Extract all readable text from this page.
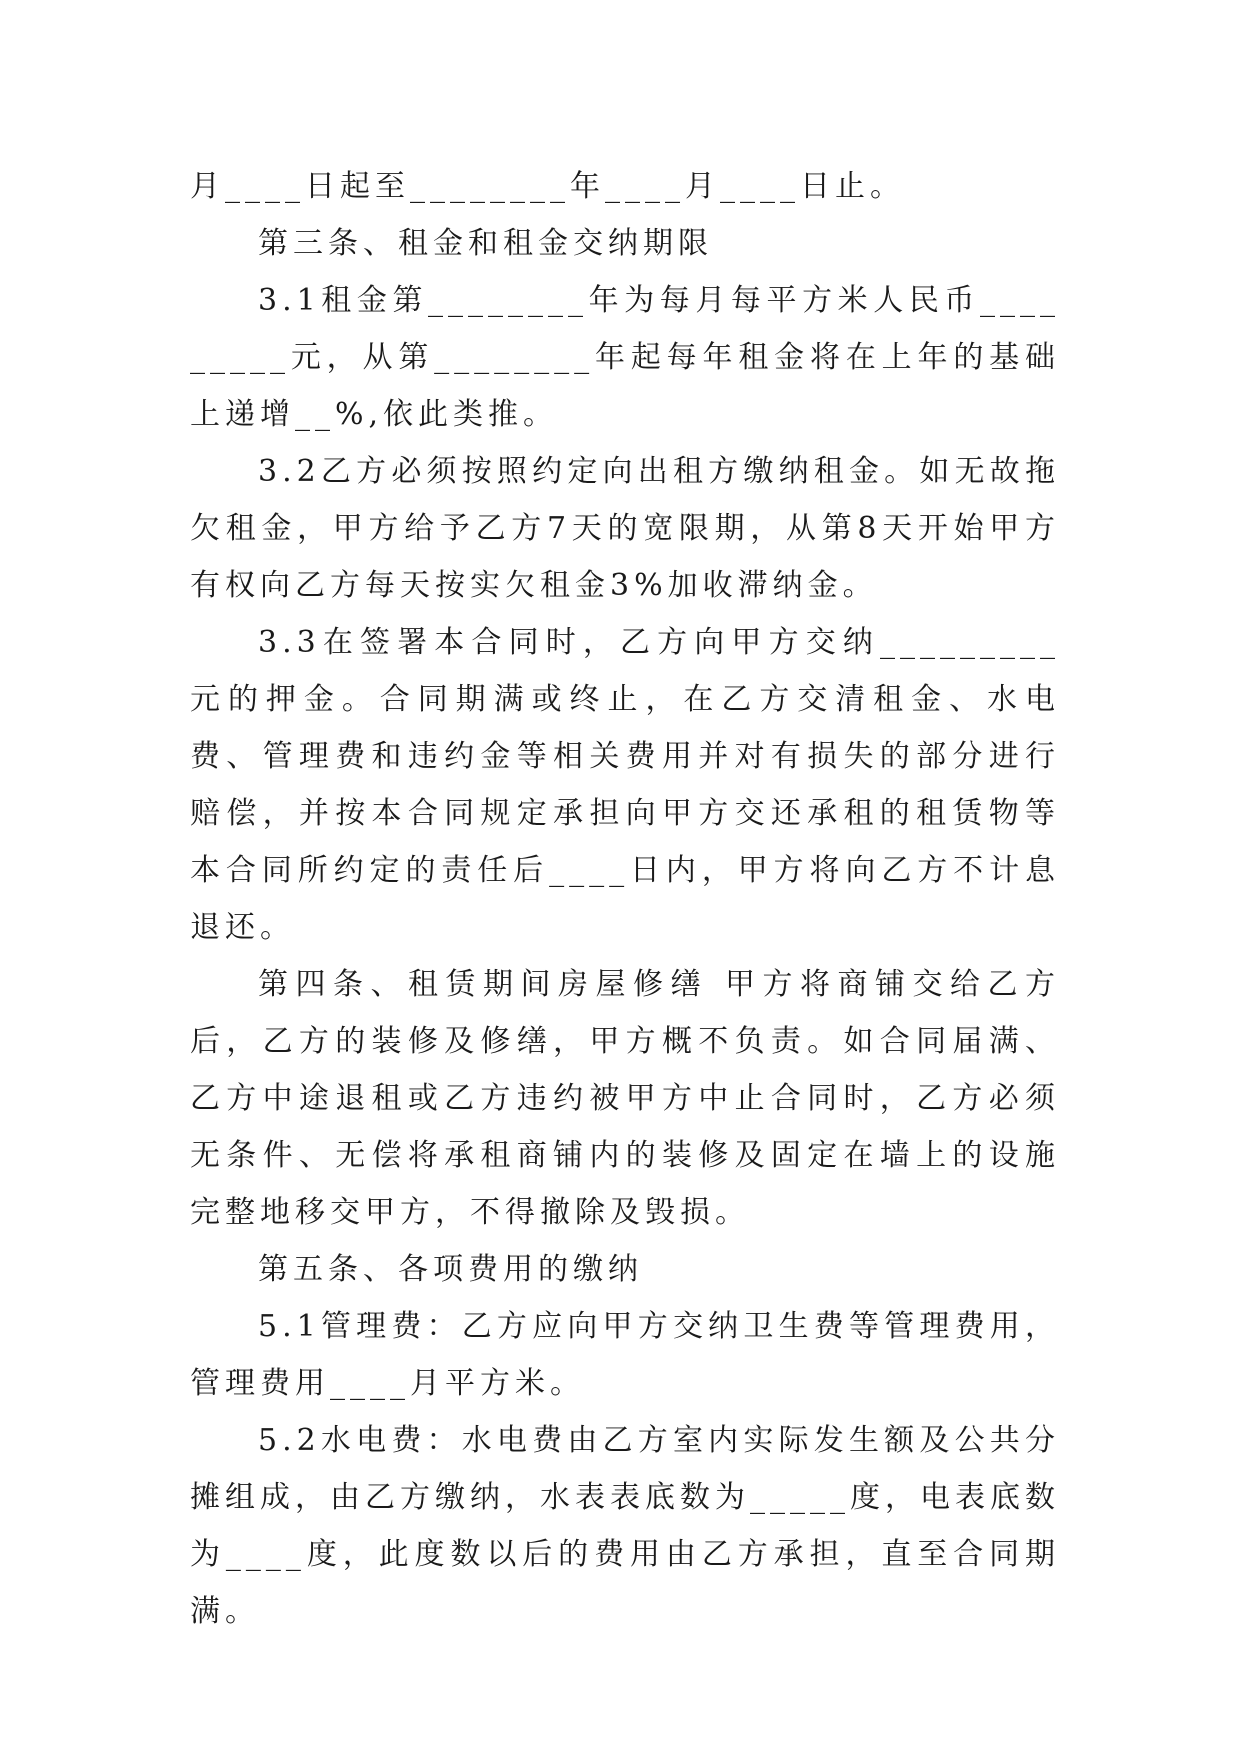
月____日起至________年____月____日止。

第三条、租金和租金交纳期限

3.1租金第________年为每月每平方米人民币_________元，从第________年起每年租金将在上年的基础上递增__%,依此类推。

3.2乙方必须按照约定向出租方缴纳租金。如无故拖欠租金，甲方给予乙方7天的宽限期，从第8天开始甲方有权向乙方每天按实欠租金3%加收滞纳金。

3.3在签署本合同时，乙方向甲方交纳_________元的押金。合同期满或终止，在乙方交清租金、水电费、管理费和违约金等相关费用并对有损失的部分进行赔偿，并按本合同规定承担向甲方交还承租的租赁物等本合同所约定的责任后____日内，甲方将向乙方不计息退还。

第四条、租赁期间房屋修缮 甲方将商铺交给乙方后，乙方的装修及修缮，甲方概不负责。如合同届满、乙方中途退租或乙方违约被甲方中止合同时，乙方必须无条件、无偿将承租商铺内的装修及固定在墙上的设施完整地移交甲方，不得撤除及毁损。

第五条、各项费用的缴纳

5.1管理费：乙方应向甲方交纳卫生费等管理费用，管理费用____月平方米。

5.2水电费：水电费由乙方室内实际发生额及公共分摊组成，由乙方缴纳，水表表底数为_____度，电表底数为____度，此度数以后的费用由乙方承担，直至合同期满。
